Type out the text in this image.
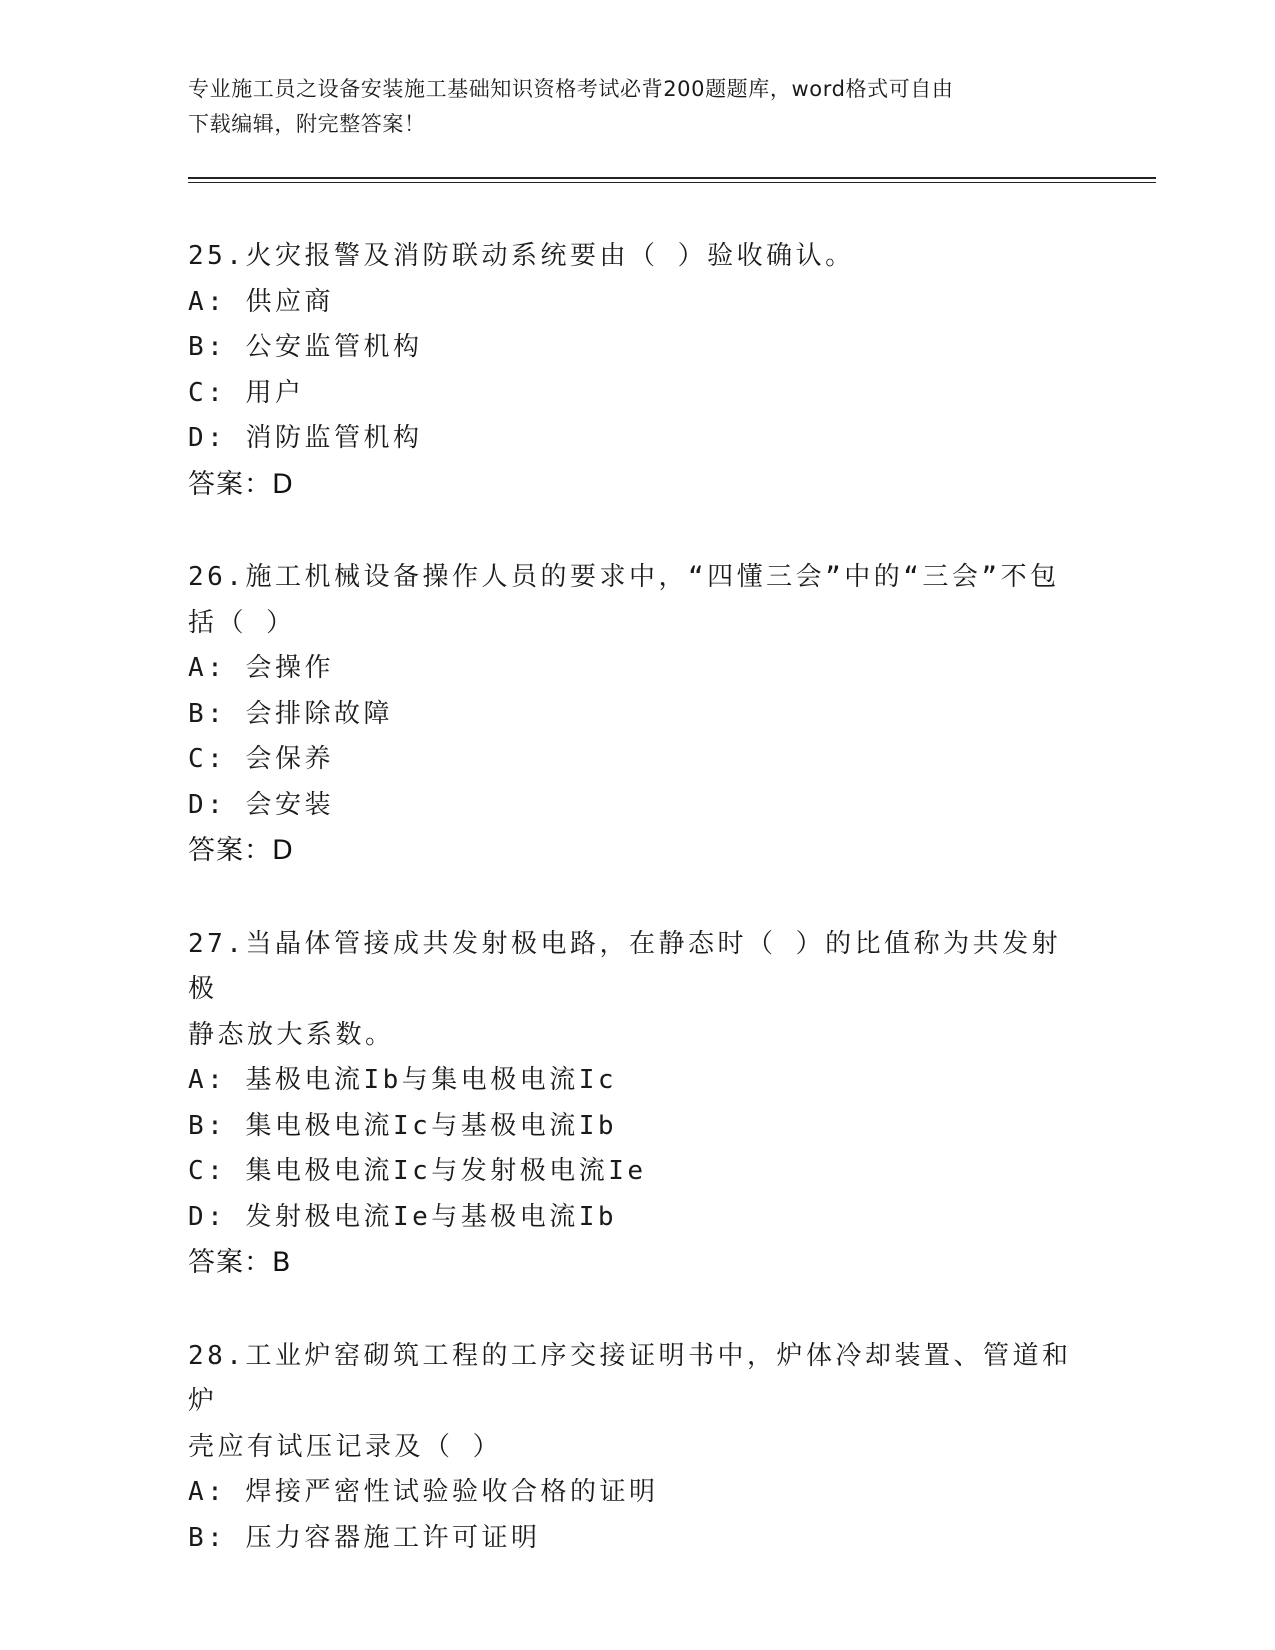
专业施工员之设备安装施工基础知识资格考试必背200题题库，word格式可自由
下载编辑，附完整答案！
25.火灾报警及消防联动系统要由（ ）验收确认。
A: 供应商
B: 公安监管机构
C: 用户
D: 消防监管机构
答案：D
26.施工机械设备操作人员的要求中，“四懂三会”中的“三会”不包
括（ ）
A: 会操作
B: 会排除故障
C: 会保养
D: 会安装
答案：D
27.当晶体管接成共发射极电路，在静态时（ ）的比值称为共发射极
静态放大系数。
A: 基极电流Ib与集电极电流Ic
B: 集电极电流Ic与基极电流Ib
C: 集电极电流Ic与发射极电流Ie
D: 发射极电流Ie与基极电流Ib
答案：B
28.工业炉窑砌筑工程的工序交接证明书中，炉体冷却装置、管道和炉
壳应有试压记录及（ ）
A: 焊接严密性试验验收合格的证明
B: 压力容器施工许可证明
